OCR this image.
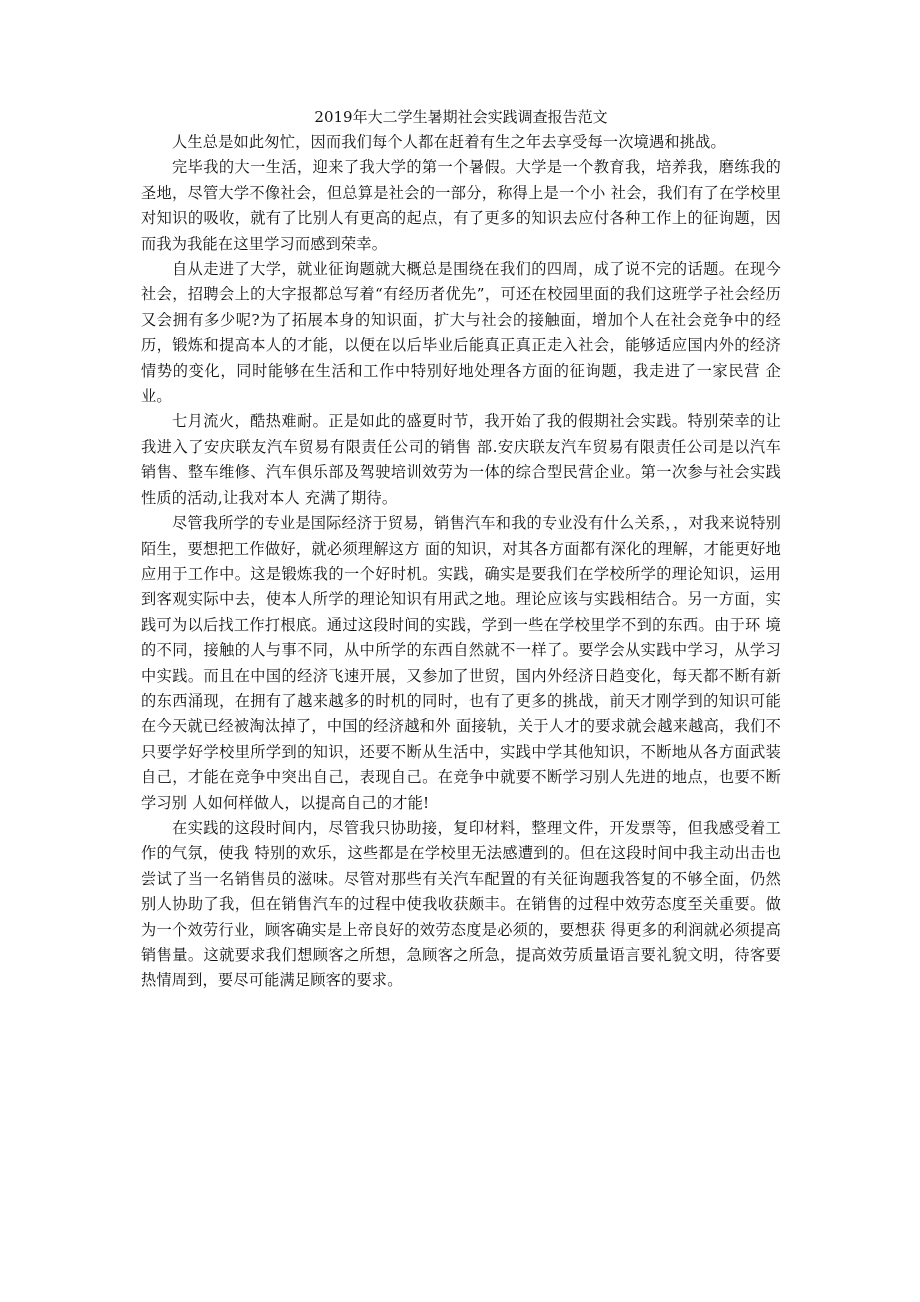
2019年大二学生暑期社会实践调查报告范文

人生总是如此匆忙，因而我们每个人都在赶着有生之年去享受每一次境遇和挑战。

完毕我的大一生活，迎来了我大学的第一个暑假。大学是一个教育我，培养我，磨练我的圣地，尽管大学不像社会，但总算是社会的一部分，称得上是一个小 社会，我们有了在学校里对知识的吸收，就有了比别人有更高的起点，有了更多的知识去应付各种工作上的征询题，因而我为我能在这里学习而感到荣幸。

自从走进了大学，就业征询题就大概总是围绕在我们的四周，成了说不完的话题。在现今社会，招聘会上的大字报都总写着“有经历者优先”，可还在校园里面的我们这班学子社会经历又会拥有多少呢?为了拓展本身的知识面，扩大与社会的接触面，增加个人在社会竞争中的经历，锻炼和提高本人的才能，以便在以后毕业后能真正真正走入社会，能够适应国内外的经济情势的变化，同时能够在生活和工作中特别好地处理各方面的征询题，我走进了一家民营 企业。

七月流火，酷热难耐。正是如此的盛夏时节，我开始了我的假期社会实践。特别荣幸的让我进入了安庆联友汽车贸易有限责任公司的销售 部.安庆联友汽车贸易有限责任公司是以汽车销售、整车维修、汽车俱乐部及驾驶培训效劳为一体的综合型民营企业。第一次参与社会实践性质的活动,让我对本人 充满了期待。

尽管我所学的专业是国际经济于贸易，销售汽车和我的专业没有什么关系，，对我来说特别陌生，要想把工作做好，就必须理解这方 面的知识，对其各方面都有深化的理解，才能更好地应用于工作中。这是锻炼我的一个好时机。实践，确实是要我们在学校所学的理论知识，运用到客观实际中去，使本人所学的理论知识有用武之地。理论应该与实践相结合。另一方面，实践可为以后找工作打根底。通过这段时间的实践，学到一些在学校里学不到的东西。由于环 境的不同，接触的人与事不同，从中所学的东西自然就不一样了。要学会从实践中学习，从学习中实践。而且在中国的经济飞速开展，又参加了世贸，国内外经济日趋变化，每天都不断有新的东西涌现，在拥有了越来越多的时机的同时，也有了更多的挑战，前天才刚学到的知识可能在今天就已经被淘汰掉了，中国的经济越和外 面接轨，关于人才的要求就会越来越高，我们不只要学好学校里所学到的知识，还要不断从生活中，实践中学其他知识，不断地从各方面武装自己，才能在竞争中突出自己，表现自己。在竞争中就要不断学习别人先进的地点，也要不断学习别 人如何样做人，以提高自己的才能!

在实践的这段时间内，尽管我只协助接，复印材料，整理文件，开发票等，但我感受着工作的气氛，使我 特别的欢乐，这些都是在学校里无法感遭到的。但在这段时间中我主动出击也尝试了当一名销售员的滋味。尽管对那些有关汽车配置的有关征询题我答复的不够全面，仍然别人协助了我，但在销售汽车的过程中使我收获颇丰。在销售的过程中效劳态度至关重要。做为一个效劳行业，顾客确实是上帝良好的效劳态度是必须的，要想获 得更多的利润就必须提高销售量。这就要求我们想顾客之所想，急顾客之所急，提高效劳质量语言要礼貌文明，待客要热情周到，要尽可能满足顾客的要求。
